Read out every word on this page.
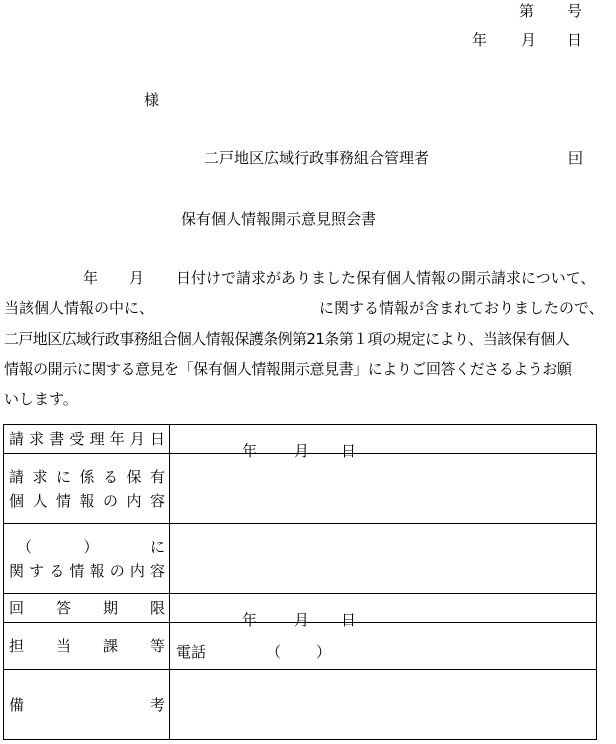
第 号
年 月 日
様
二戸地区広域行政事務組合管理者	囙
保有個人情報開示意見照会書
年 月 日付けで請求がありました保有個人情報の開示請求について、
当該個人情報の中に、	に関する情報が含まれておりましたので、
二戸地区広域行政事務組合個人情報保護条例第21条第１項の規定により、当該保有個人
情報の開示に関する意見を「保有個人情報開示意見書」によりご回答くださるようお願
いします。
請求書受理年月日	年 月 日

請求に係る保有
個人情報の内容	

（）に
関する情報の内容	

回答期限	年 月 日

担当課等	電話 （ ）

備考	
